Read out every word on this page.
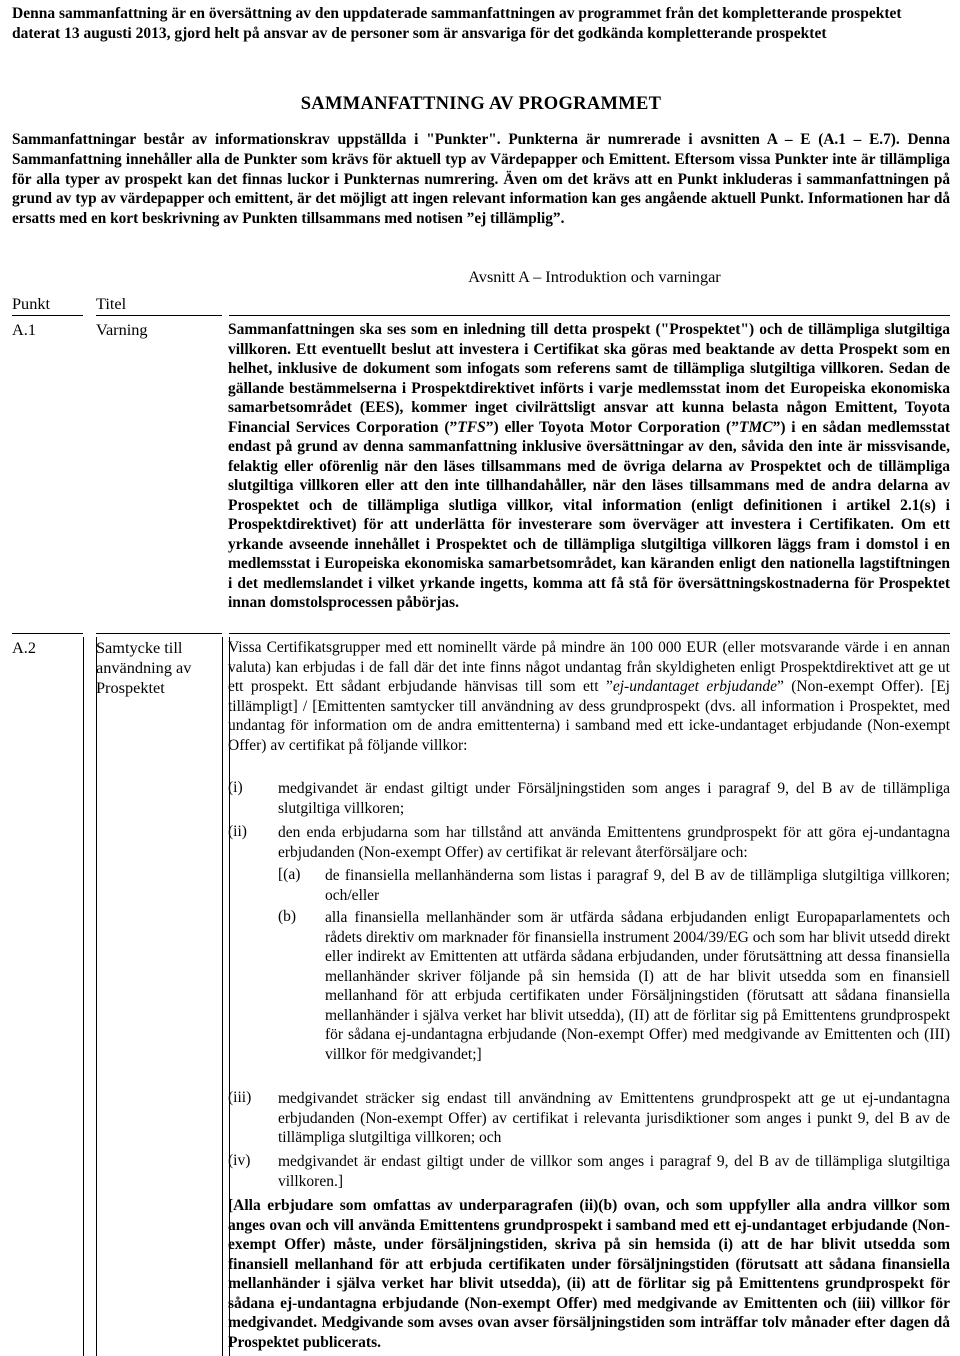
Denna sammanfattning är en översättning av den uppdaterade sammanfattningen av programmet från det kompletterande prospektet daterat 13 augusti 2013, gjord helt på ansvar av de personer som är ansvariga för det godkända kompletterande prospektet
SAMMANFATTNING AV PROGRAMMET
Sammanfattningar består av informationskrav uppställda i "Punkter". Punkterna är numrerade i avsnitten A – E (A.1 – E.7). Denna Sammanfattning innehåller alla de Punkter som krävs för aktuell typ av Värdepapper och Emittent. Eftersom vissa Punkter inte är tillämpliga för alla typer av prospekt kan det finnas luckor i Punkternas numrering. Även om det krävs att en Punkt inkluderas i sammanfattningen på grund av typ av värdepapper och emittent, är det möjligt att ingen relevant information kan ges angående aktuell Punkt. Informationen har då ersatts med en kort beskrivning av Punkten tillsammans med notisen ”ej tillämplig”.
Avsnitt A – Introduktion och varningar
Punkt	Titel
A.1	Varning	Sammanfattningen ska ses som en inledning till detta prospekt ("Prospektet") och de tillämpliga slutgiltiga villkoren. Ett eventuellt beslut att investera i Certifikat ska göras med beaktande av detta Prospekt som en helhet, inklusive de dokument som infogats som referens samt de tillämpliga slutgiltiga villkoren. Sedan de gällande bestämmelserna i Prospektdirektivet införts i varje medlemsstat inom det Europeiska ekonomiska samarbetsområdet (EES), kommer inget civilrättsligt ansvar att kunna belasta någon Emittent, Toyota Financial Services Corporation (”TFS”) eller Toyota Motor Corporation (”TMC”) i en sådan medlemsstat endast på grund av denna sammanfattning inklusive översättningar av den, såvida den inte är missvisande, felaktig eller oförenlig när den läses tillsammans med de övriga delarna av Prospektet och de tillämpliga slutgiltiga villkoren eller att den inte tillhandahåller, när den läses tillsammans med de andra delarna av Prospektet och de tillämpliga slutliga villkor, vital information (enligt definitionen i artikel 2.1(s) i Prospektdirektivet) för att underlätta för investerare som överväger att investera i Certifikaten. Om ett yrkande avseende innehållet i Prospektet och de tillämpliga slutgiltiga villkoren läggs fram i domstol i en medlemsstat i Europeiska ekonomiska samarbetsområdet, kan käranden enligt den nationella lagstiftningen i det medlemslandet i vilket yrkande ingetts, komma att få stå för översättningskostnaderna för Prospektet innan domstolsprocessen påbörjas.
A.2	Samtycke till användning av Prospektet
Vissa Certifikatsgrupper med ett nominellt värde på mindre än 100 000 EUR (eller motsvarande värde i en annan valuta) kan erbjudas i de fall där det inte finns något undantag från skyldigheten enligt Prospektdirektivet att ge ut ett prospekt. Ett sådant erbjudande hänvisas till som ett ”ej-undantaget erbjudande” (Non-exempt Offer). [Ej tillämpligt] / [Emittenten samtycker till användning av dess grundprospekt (dvs. all information i Prospektet, med undantag för information om de andra emittenterna) i samband med ett icke-undantaget erbjudande (Non-exempt Offer) av certifikat på följande villkor:
(i) medgivandet är endast giltigt under Försäljningstiden som anges i paragraf 9, del B av de tillämpliga slutgiltiga villkoren;
(ii) den enda erbjudarna som har tillstånd att använda Emittentens grundprospekt för att göra ej-undantagna erbjudanden (Non-exempt Offer) av certifikat är relevant återförsäljare och:
[(a) de finansiella mellanhänderna som listas i paragraf 9, del B av de tillämpliga slutgiltiga villkoren; och/eller
(b) alla finansiella mellanhänder som är utfärda sådana erbjudanden enligt Europaparlamentets och rådets direktiv om marknader för finansiella instrument 2004/39/EG och som har blivit utsedd direkt eller indirekt av Emittenten att utfärda sådana erbjudanden, under förutsättning att dessa finansiella mellanhänder skriver följande på sin hemsida (I) att de har blivit utsedda som en finansiell mellanhand för att erbjuda certifikaten under Försäljningstiden (förutsatt att sådana finansiella mellanhänder i själva verket har blivit utsedda), (II) att de förlitar sig på Emittentens grundprospekt för sådana ej-undantagna erbjudande (Non-exempt Offer) med medgivande av Emittenten och (III) villkor för medgivandet;]
(iii) medgivandet sträcker sig endast till användning av Emittentens grundprospekt att ge ut ej-undantagna erbjudanden (Non-exempt Offer) av certifikat i relevanta jurisdiktioner som anges i punkt 9, del B av de tillämpliga slutgiltiga villkoren; och
(iv) medgivandet är endast giltigt under de villkor som anges i paragraf 9, del B av de tillämpliga slutgiltiga villkoren.]
[Alla erbjudare som omfattas av underparagrafen (ii)(b) ovan, och som uppfyller alla andra villkor som anges ovan och vill använda Emittentens grundprospekt i samband med ett ej-undantaget erbjudande (Non-exempt Offer) måste, under försäljningstiden, skriva på sin hemsida (i) att de har blivit utsedda som finansiell mellanhand för att erbjuda certifikaten under försäljningstiden (förutsatt att sådana finansiella mellanhänder i själva verket har blivit utsedda), (ii) att de förlitar sig på Emittentens grundprospekt för sådana ej-undantagna erbjudande (Non-exempt Offer) med medgivande av Emittenten och (iii) villkor för medgivandet. Medgivande som avses ovan avser försäljningstiden som inträffar tolv månader efter dagen då Prospektet publicerats.
